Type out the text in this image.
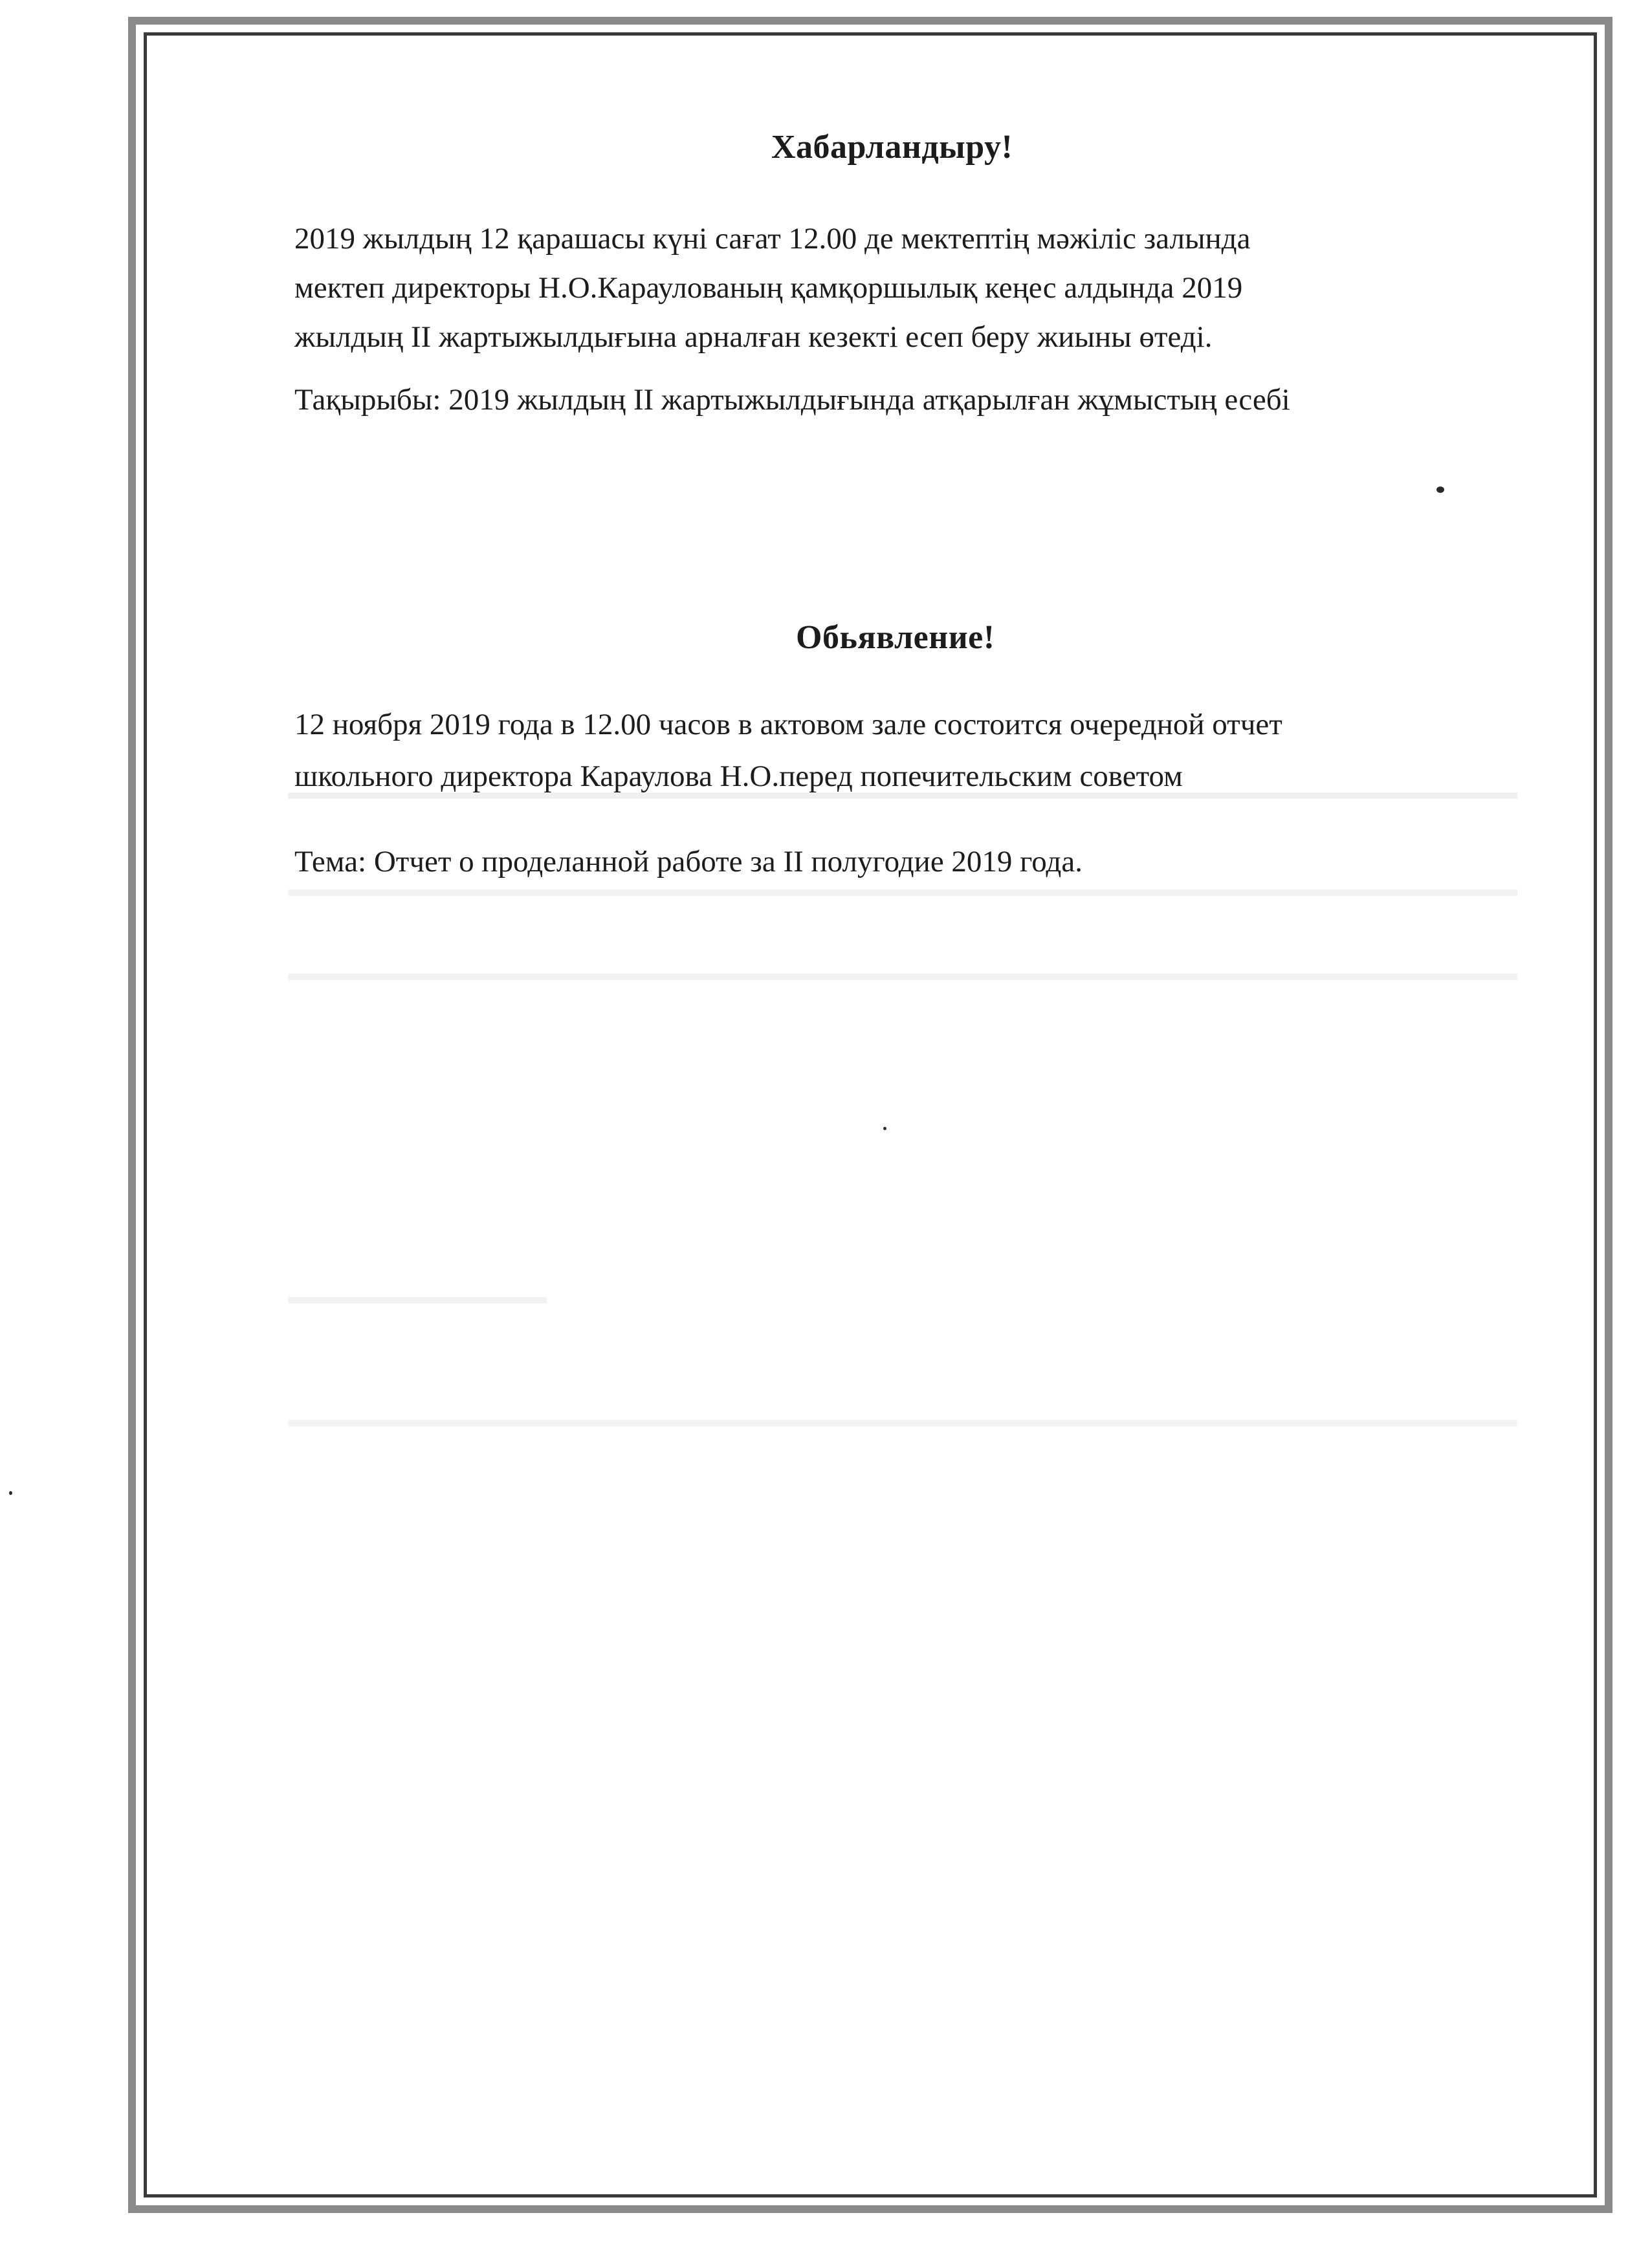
Хабарландыру!
2019 жылдың 12 қарашасы күні сағат 12.00 де мектептің мәжіліс залында
мектеп директоры Н.О.Караулованың қамқоршылық кеңес алдында 2019
жылдың ІІ жартыжылдығына арналған кезекті есеп беру жиыны өтеді.
Тақырыбы: 2019 жылдың ІІ жартыжылдығында атқарылған жұмыстың есебі
Обьявление!
12 ноября 2019 года в 12.00 часов в актовом зале состоится очередной отчет
школьного директора Караулова Н.О.перед попечительским советом
Тема: Отчет о проделанной работе за ІІ полугодие 2019 года.
